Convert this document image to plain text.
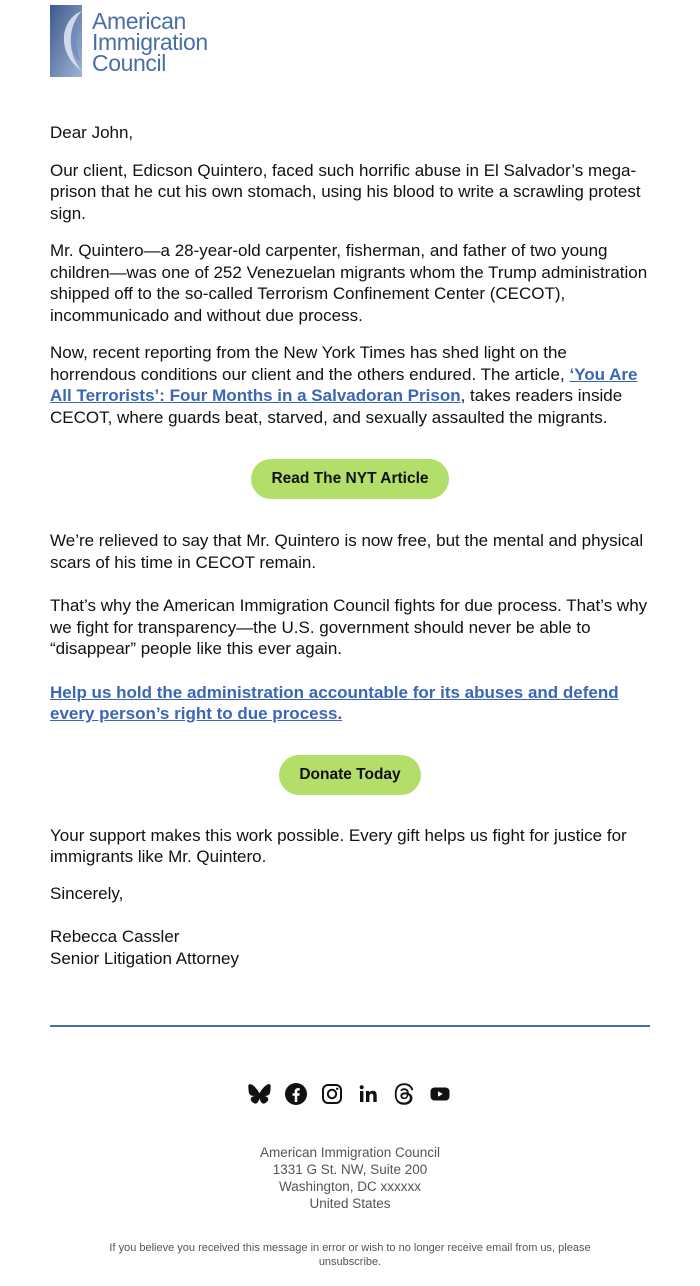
American
Immigration
Council

Dear John,

Our client, Edicson Quintero, faced such horrific abuse in El Salvador’s mega-prison that he cut his own stomach, using his blood to write a scrawling protest sign.

Mr. Quintero—a 28-year-old carpenter, fisherman, and father of two young children—was one of 252 Venezuelan migrants whom the Trump administration shipped off to the so-called Terrorism Confinement Center (CECOT), incommunicado and without due process.

Now, recent reporting from the New York Times has shed light on the horrendous conditions our client and the others endured. The article, ‘You Are All Terrorists’: Four Months in a Salvadoran Prison, takes readers inside CECOT, where guards beat, starved, and sexually assaulted the migrants.

Read The NYT Article

We’re relieved to say that Mr. Quintero is now free, but the mental and physical scars of his time in CECOT remain.

That’s why the American Immigration Council fights for due process. That’s why we fight for transparency—the U.S. government should never be able to “disappear” people like this ever again.

Help us hold the administration accountable for its abuses and defend every person’s right to due process.

Donate Today

Your support makes this work possible. Every gift helps us fight for justice for immigrants like Mr. Quintero.

Sincerely,

Rebecca Cassler
Senior Litigation Attorney

American Immigration Council
1331 G St. NW, Suite 200
Washington, DC xxxxxx
United States
If you believe you received this message in error or wish to no longer receive email from us, please
unsubscribe.
